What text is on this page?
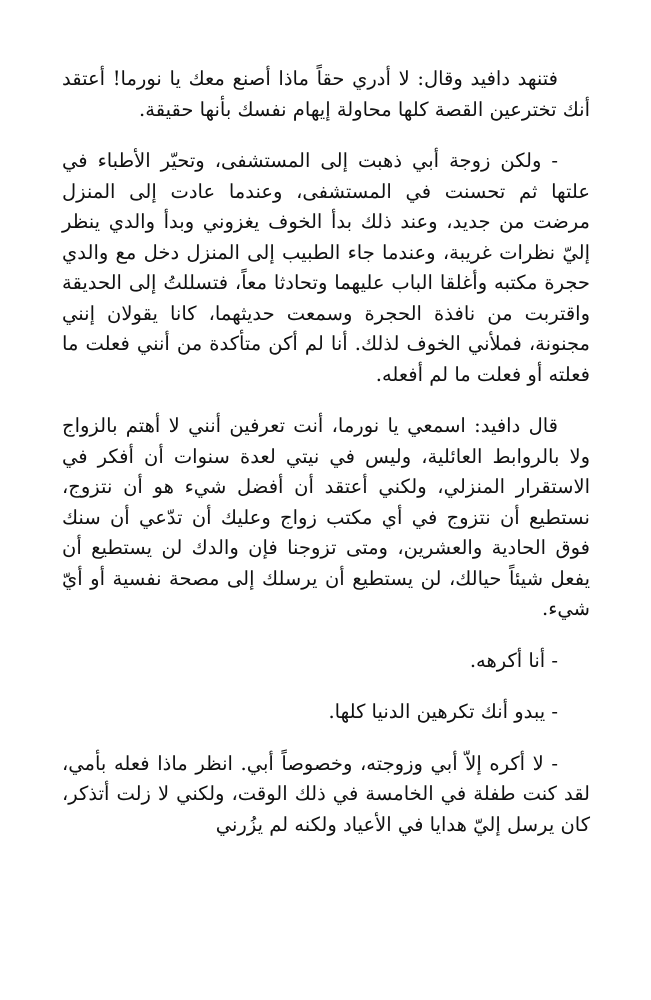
فتنهد دافيد وقال: لا أدري حقاً ماذا أصنع معك يا نورما! أعتقد أنك تخترعين القصة كلها محاولة إيهام نفسك بأنها حقيقة.

- ولكن زوجة أبي ذهبت إلى المستشفى، وتحيّر الأطباء في علتها ثم تحسنت في المستشفى، وعندما عادت إلى المنزل مرضت من جديد، وعند ذلك بدأ الخوف يغزوني وبدأ والدي ينظر إليّ نظرات غريبة، وعندما جاء الطبيب إلى المنزل دخل مع والدي حجرة مكتبه وأغلقا الباب عليهما وتحادثا معاً، فتسللتُ إلى الحديقة واقتربت من نافذة الحجرة وسمعت حديثهما، كانا يقولان إنني مجنونة، فملأني الخوف لذلك. أنا لم أكن متأكدة من أنني فعلت ما فعلته أو فعلت ما لم أفعله.

قال دافيد: اسمعي يا نورما، أنت تعرفين أنني لا أهتم بالزواج ولا بالروابط العائلية، وليس في نيتي لعدة سنوات أن أفكر في الاستقرار المنزلي، ولكني أعتقد أن أفضل شيء هو أن نتزوج، نستطيع أن نتزوج في أي مكتب زواج وعليك أن تدّعي أن سنك فوق الحادية والعشرين، ومتى تزوجنا فإن والدك لن يستطيع أن يفعل شيئاً حيالك، لن يستطيع أن يرسلك إلى مصحة نفسية أو أيّ شيء.

- أنا أكرهه.

- يبدو أنك تكرهين الدنيا كلها.

- لا أكره إلاّ أبي وزوجته، وخصوصاً أبي. انظر ماذا فعله بأمي، لقد كنت طفلة في الخامسة في ذلك الوقت، ولكني لا زلت أتذكر، كان يرسل إليّ هدايا في الأعياد ولكنه لم يزُرني
